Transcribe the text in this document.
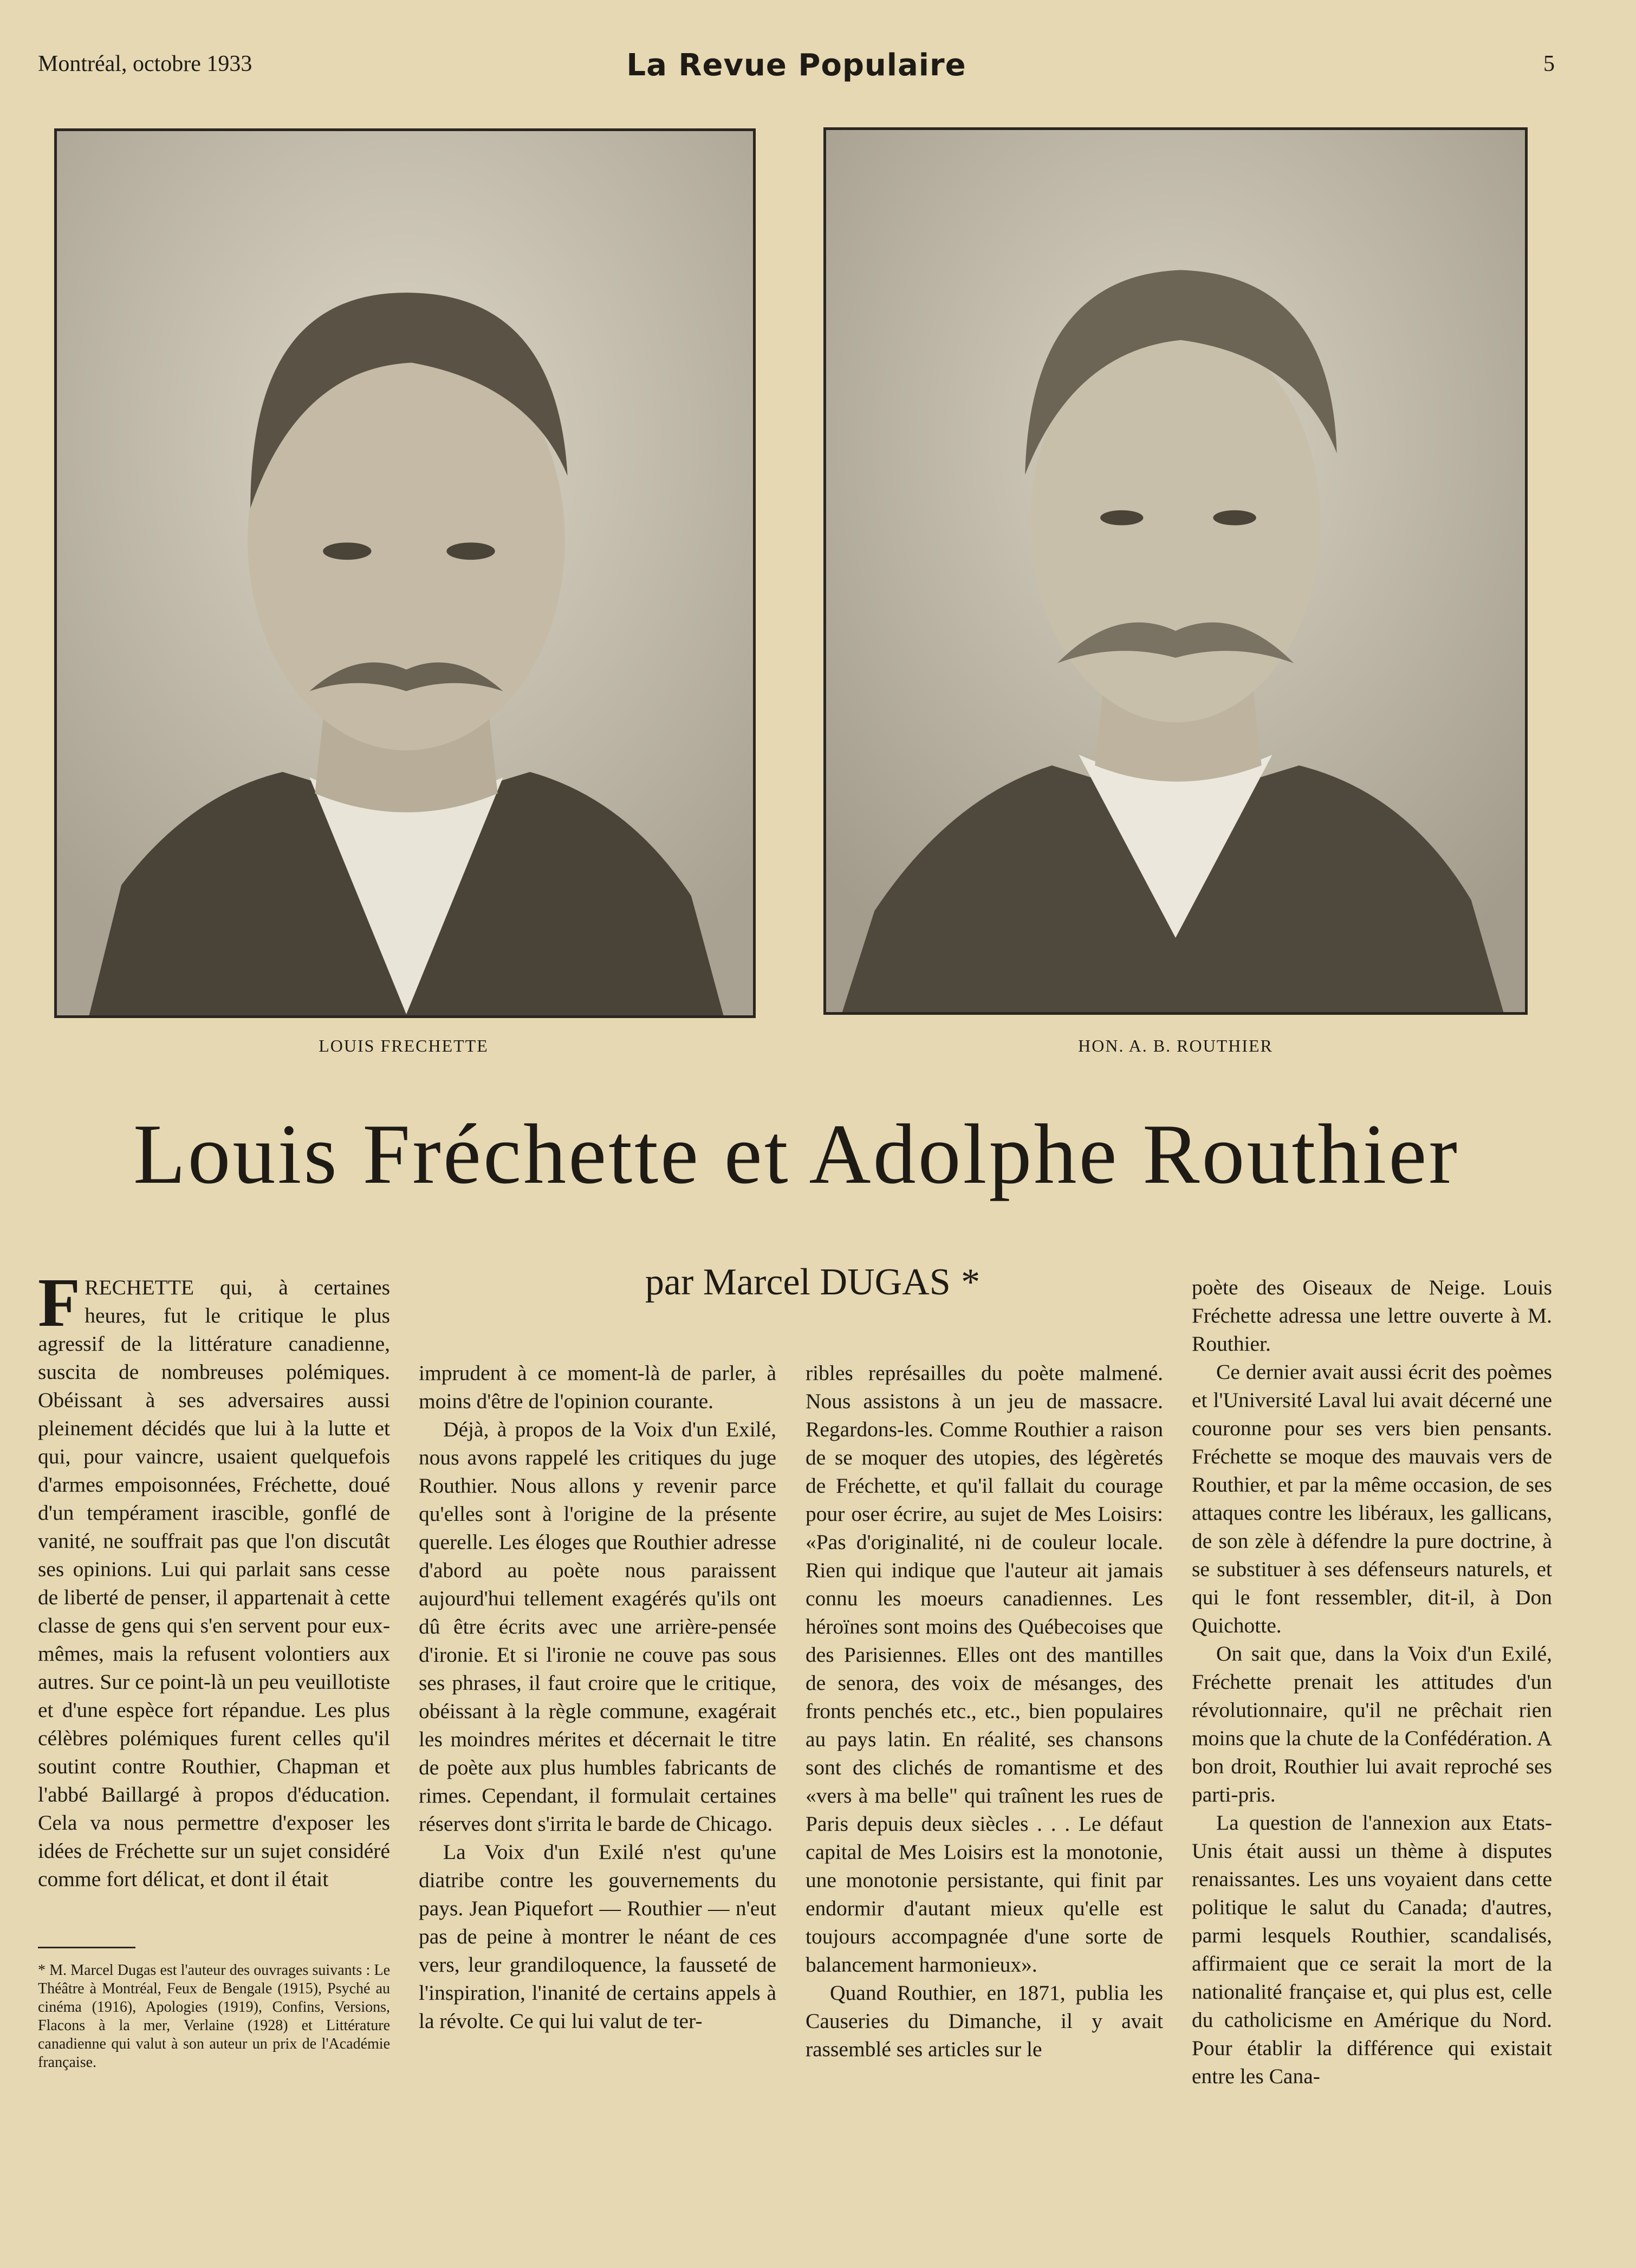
Montréal, octobre 1933	La Revue Populaire	5
LOUIS FRECHETTE	HON. A. B. ROUTHIER
Louis Fréchette et Adolphe Routhier
par Marcel DUGAS *

FRECHETTE qui, à certaines heures, fut le critique le plus agressif de la littérature canadienne, suscita de nombreuses polémiques. Obéissant à ses adversaires aussi pleinement décidés que lui à la lutte et qui, pour vaincre, usaient quelquefois d'armes empoisonnées, Fréchette, doué d'un tempérament irascible, gonflé de vanité, ne souffrait pas que l'on discutât ses opinions. Lui qui parlait sans cesse de liberté de penser, il appartenait à cette classe de gens qui s'en servent pour eux-mêmes, mais la refusent volontiers aux autres. Sur ce point-là un peu veuillotiste et d'une espèce fort répandue. Les plus célèbres polémiques furent celles qu'il soutint contre Routhier, Chapman et l'abbé Baillargé à propos d'éducation. Cela va nous permettre d'exposer les idées de Fréchette sur un sujet considéré comme fort délicat, et dont il était

* M. Marcel Dugas est l'auteur des ouvrages suivants : Le Théâtre à Montréal, Feux de Bengale (1915), Psyché au cinéma (1916), Apologies (1919), Confins, Versions, Flacons à la mer, Verlaine (1928) et Littérature canadienne qui valut à son auteur un prix de l'Académie française.

imprudent à ce moment-là de parler, à moins d'être de l'opinion courante.

Déjà, à propos de la Voix d'un Exilé, nous avons rappelé les critiques du juge Routhier. Nous allons y revenir parce qu'elles sont à l'origine de la présente querelle. Les éloges que Routhier adresse d'abord au poète nous paraissent aujourd'hui tellement exagérés qu'ils ont dû être écrits avec une arrière-pensée d'ironie. Et si l'ironie ne couve pas sous ses phrases, il faut croire que le critique, obéissant à la règle commune, exagérait les moindres mérites et décernait le titre de poète aux plus humbles fabricants de rimes. Cependant, il formulait certaines réserves dont s'irrita le barde de Chicago.

La Voix d'un Exilé n'est qu'une diatribe contre les gouvernements du pays. Jean Piquefort — Routhier — n'eut pas de peine à montrer le néant de ces vers, leur grandiloquence, la fausseté de l'inspiration, l'inanité de certains appels à la révolte. Ce qui lui valut de ter-

ribles représailles du poète malmené. Nous assistons à un jeu de massacre. Regardons-les. Comme Routhier a raison de se moquer des utopies, des légèretés de Fréchette, et qu'il fallait du courage pour oser écrire, au sujet de Mes Loisirs: «Pas d'originalité, ni de couleur locale. Rien qui indique que l'auteur ait jamais connu les moeurs canadiennes. Les héroïnes sont moins des Québecoises que des Parisiennes. Elles ont des mantilles de senora, des voix de mésanges, des fronts penchés etc., etc., bien populaires au pays latin. En réalité, ses chansons sont des clichés de romantisme et des «vers à ma belle" qui traînent les rues de Paris depuis deux siècles . . . Le défaut capital de Mes Loisirs est la monotonie, une monotonie persistante, qui finit par endormir d'autant mieux qu'elle est toujours accompagnée d'une sorte de balancement harmonieux».

Quand Routhier, en 1871, publia les Causeries du Dimanche, il y avait rassemblé ses articles sur le

poète des Oiseaux de Neige. Louis Fréchette adressa une lettre ouverte à M. Routhier.

Ce dernier avait aussi écrit des poèmes et l'Université Laval lui avait décerné une couronne pour ses vers bien pensants. Fréchette se moque des mauvais vers de Routhier, et par la même occasion, de ses attaques contre les libéraux, les gallicans, de son zèle à défendre la pure doctrine, à se substituer à ses défenseurs naturels, et qui le font ressembler, dit-il, à Don Quichotte.

On sait que, dans la Voix d'un Exilé, Fréchette prenait les attitudes d'un révolutionnaire, qu'il ne prêchait rien moins que la chute de la Confédération. A bon droit, Routhier lui avait reproché ses parti-pris.

La question de l'annexion aux Etats-Unis était aussi un thème à disputes renaissantes. Les uns voyaient dans cette politique le salut du Canada; d'autres, parmi lesquels Routhier, scandalisés, affirmaient que ce serait la mort de la nationalité française et, qui plus est, celle du catholicisme en Amérique du Nord. Pour établir la différence qui existait entre les Cana-
